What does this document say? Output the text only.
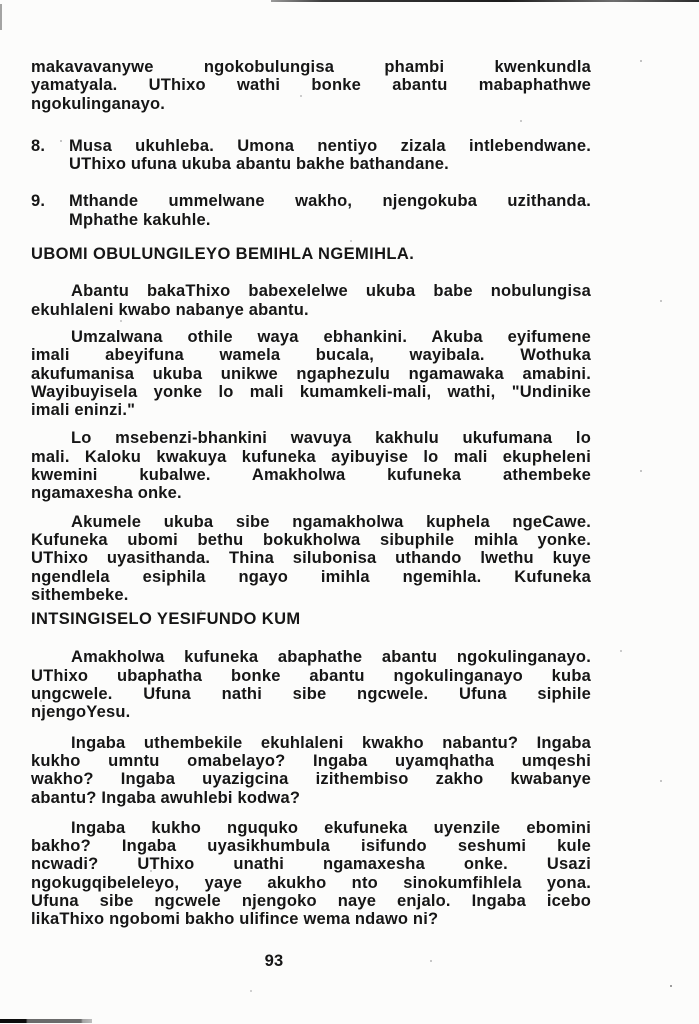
makavavanywe ngokobulungisa phambi kwenkundla
yamatyala. UThixo wathi bonke abantu mabaphathwe
ngokulinganayo.
8.	Musa ukuhleba. Umona nentiyo zizala intlebendwane.
UThixo ufuna ukuba abantu bakhe bathandane.
9.	Mthande ummelwane wakho, njengokuba uzithanda.
Mphathe kakuhle.
UBOMI OBULUNGILEYO BEMIHLA NGEMIHLA.
Abantu bakaThixo babexelelwe ukuba babe nobulungisa
ekuhlaleni kwabo nabanye abantu.
Umzalwana othile waya ebhankini. Akuba eyifumene
imali abeyifuna wamela bucala, wayibala. Wothuka
akufumanisa ukuba unikwe ngaphezulu ngamawaka amabini.
Wayibuyisela yonke lo mali kumamkeli-mali, wathi, "Undinike
imali eninzi."
Lo msebenzi-bhankini wavuya kakhulu ukufumana lo
mali. Kaloku kwakuya kufuneka ayibuyise lo mali ekupheleni
kwemini kubalwe. Amakholwa kufuneka athembeke
ngamaxesha onke.
Akumele ukuba sibe ngamakholwa kuphela ngeCawe.
Kufuneka ubomi bethu bokukholwa sibuphile mihla yonke.
UThixo uyasithanda. Thina silubonisa uthando lwethu kuye
ngendlela esiphila ngayo imihla ngemihla. Kufuneka
sithembeke.
INTSINGISELO YESIFUNDO KUM
Amakholwa kufuneka abaphathe abantu ngokulinganayo.
UThixo ubaphatha bonke abantu ngokulinganayo kuba
ungcwele. Ufuna nathi sibe ngcwele. Ufuna siphile
njengoYesu.
Ingaba uthembekile ekuhlaleni kwakho nabantu? Ingaba
kukho umntu omabelayo? Ingaba uyamqhatha umqeshi
wakho? Ingaba uyazigcina izithembiso zakho kwabanye
abantu? Ingaba awuhlebi kodwa?
Ingaba kukho nguquko ekufuneka uyenzile ebomini
bakho? Ingaba uyasikhumbula isifundo seshumi kule
ncwadi? UThixo unathi ngamaxesha onke. Usazi
ngokugqibeleleyo, yaye akukho nto sinokumfihlela yona.
Ufuna sibe ngcwele njengoko naye enjalo. Ingaba icebo
likaThixo ngobomi bakho ulifince wema ndawo ni?
93
